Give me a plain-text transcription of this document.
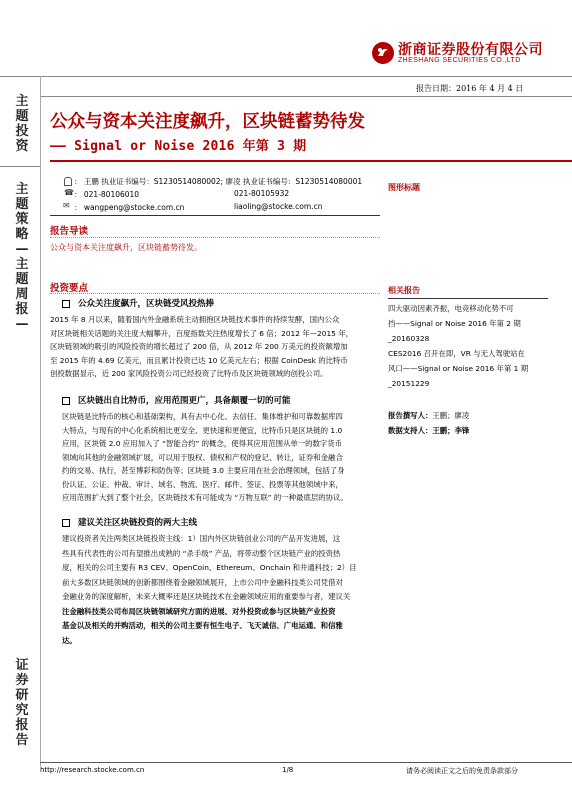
浙商证券股份有限公司
ZHESHANG SECURITIES CO.,LTD
报告日期：2016 年 4 月 4 日
主题投资
主题策略—主题周报—
证券研究报告
公众与资本关注度飙升，区块链蓄势待发
—— Signal or Noise 2016 年第 3 期
： 王鹏 执业证书编号：S1230514080002; 廖凌 执业证书编号：S1230514080001
☎ ： 021-80106010	021-80105932
✉ ： wangpeng@stocke.com.cn	liaoling@stocke.com.cn
图形标题
相关报告
四大驱动因素齐振，电竞移动化势不可
挡——Signal or Noise 2016 年第 2 期
_20160328
CES2016 召开在即，VR 与无人驾驶站在
风口——Signal or Noise 2016 年第 1 期
_20151229
报告撰写人：王鹏；廖凌
数据支持人：王鹏；李锋
报告导读
公众与资本关注度飙升，区块链蓄势待发。
投资要点
公众关注度飙升，区块链受风投热捧
2015 年 8 月以来，随着国内外金融系统主动拥抱区块链技术事件的持续发酵，国内公众
对区块链相关话题的关注度大幅攀升，百度指数关注热度增长了 6 倍；2012 年—2015 年，
区块链领域的吸引的风险投资的增长超过了 200 倍，从 2012 年 200 万美元的投资额增加
至 2015 年的 4.69 亿美元，而且累计投资已达 10 亿美元左右；根据 CoinDesk 的比特币
创投数据显示，近 200 家风险投资公司已经投资了比特币及区块链领域的创投公司。
区块链出自比特币，应用范围更广，具备颠覆一切的可能
区块链是比特币的核心和基础架构，具有去中心化、去信任、集体维护和可靠数据库四
大特点，与现有的中心化系统相比更安全、更快速和更便宜，比特币只是区块链的 1.0
应用，区块链 2.0 应用加入了 “智能合约” 的概念，使得其应用范围从单一的数字货币
领域向其他的金融领域扩展，可以用于股权、债权和产权的登记、转让，证券和金融合
约的交易、执行，甚至博彩和防伪等；区块链 3.0 主要应用在社会治理领域，包括了身
份认证、公证、仲裁、审计、域名、物流、医疗、邮件、签证、投票等其他领域中来，
应用范围扩大到了整个社会，区块链技术有可能成为 “万物互联” 的一种最底层的协议。
建议关注区块链投资的两大主线
建议投资者关注两类区块链投资主线：1）国内外区块链创业公司的产品开发进展，这
些具有代表性的公司有望推出成熟的 “杀手级” 产品，将带动整个区块链产业的投资热
度，相关的公司主要有 R3 CEV、OpenCoin、Ethereum、Onchain 和井通科技；2）目
前大多数区块链领域的创新都围绕着金融领域展开，上市公司中金融科技类公司凭借对
金融业务的深度解析，未来大概率还是区块链技术在金融领域应用的重要参与者，建议关
注金融科技类公司布局区块链领域研究方面的进展、对外投资或参与区块链产业投资
基金以及相关的并购活动，相关的公司主要有恒生电子、飞天诚信、广电运通、和信雅
达。
http://research.stocke.com.cn	1/8	请务必阅读正文之后的免责条款部分
